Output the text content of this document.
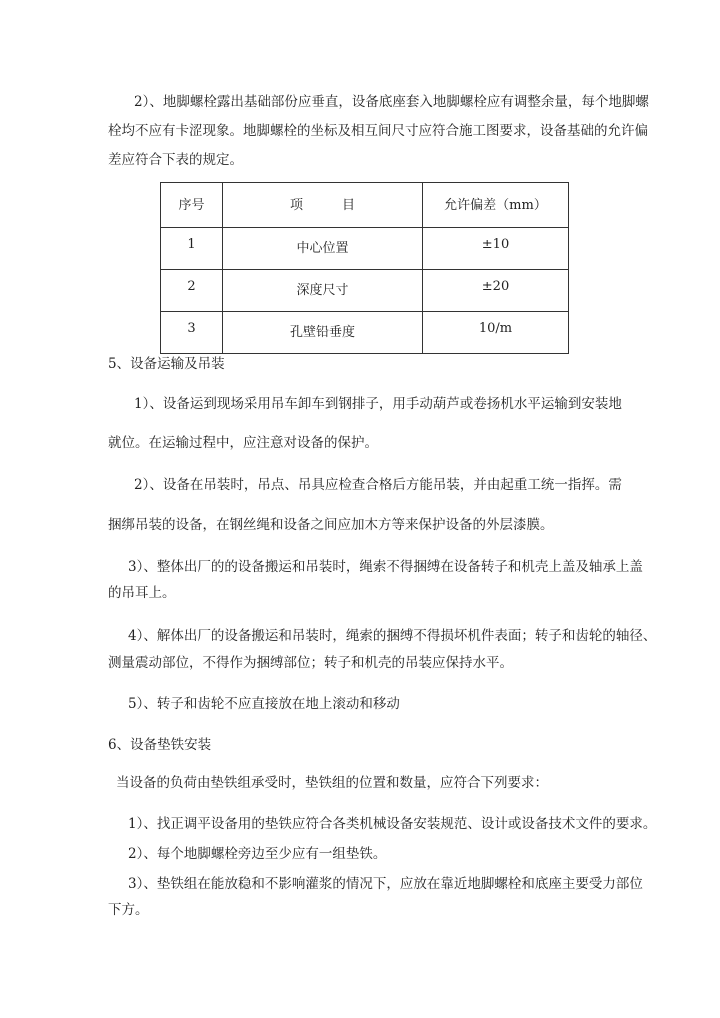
2）、地脚螺栓露出基础部份应垂直，设备底座套入地脚螺栓应有调整余量，每个地脚螺
栓均不应有卡涩现象。地脚螺栓的坐标及相互间尺寸应符合施工图要求，设备基础的允许偏
差应符合下表的规定。
序号	项　　　目	允许偏差（mm）
1	中心位置	±10
2	深度尺寸	±20
3	孔壁铅垂度	10/m
5、设备运输及吊装
1）、设备运到现场采用吊车卸车到钢排子，用手动葫芦或卷扬机水平运输到安装地
就位。在运输过程中，应注意对设备的保护。
2）、设备在吊装时，吊点、吊具应检查合格后方能吊装，并由起重工统一指挥。需
捆绑吊装的设备，在钢丝绳和设备之间应加木方等来保护设备的外层漆膜。
3）、整体出厂的的设备搬运和吊装时，绳索不得捆缚在设备转子和机壳上盖及轴承上盖
的吊耳上。
4）、解体出厂的设备搬运和吊装时，绳索的捆缚不得损坏机件表面；转子和齿轮的轴径、
测量震动部位，不得作为捆缚部位；转子和机壳的吊装应保持水平。
5）、转子和齿轮不应直接放在地上滚动和移动
6、设备垫铁安装
当设备的负荷由垫铁组承受时，垫铁组的位置和数量，应符合下列要求：
1）、找正调平设备用的垫铁应符合各类机械设备安装规范、设计或设备技术文件的要求。
2）、每个地脚螺栓旁边至少应有一组垫铁。
3）、垫铁组在能放稳和不影响灌浆的情况下，应放在靠近地脚螺栓和底座主要受力部位
下方。
